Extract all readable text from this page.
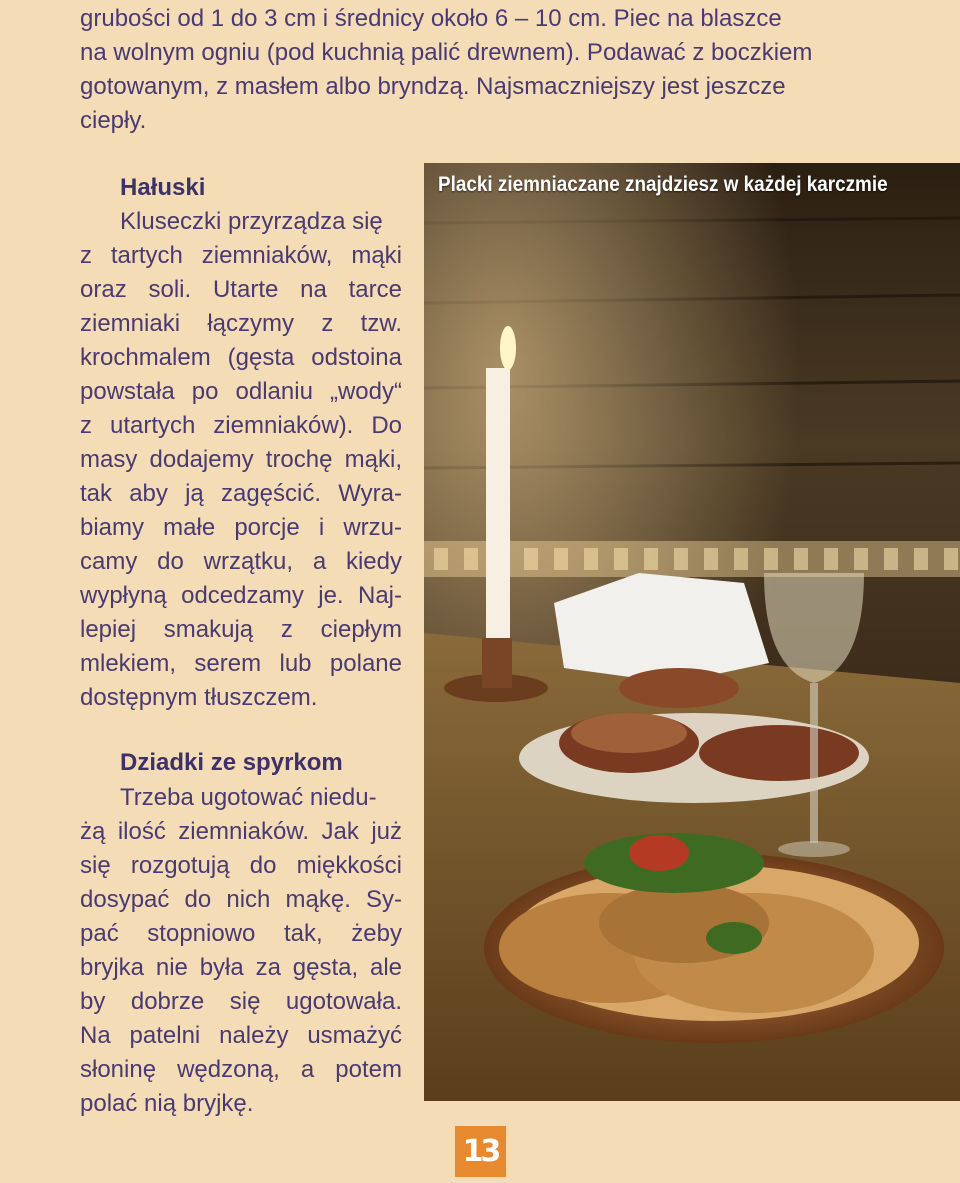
grubości od 1 do 3 cm i średnicy około 6 – 10 cm. Piec na blaszce
na wolnym ogniu (pod kuchnią palić drewnem). Podawać z boczkiem
gotowanym, z masłem albo bryndzą. Najsmaczniejszy jest jeszcze
ciepły.
Hałuski
Kluseczki przyrządza się
z tartych ziemniaków, mąki
oraz soli. Utarte na tarce
ziemniaki łączymy z tzw.
krochmalem (gęsta odstoina
powstała po odlaniu „wody“
z utartych ziemniaków). Do
masy dodajemy trochę mąki,
tak aby ją zagęścić. Wyra-
biamy małe porcje i wrzu-
camy do wrzątku, a kiedy
wypłyną odcedzamy je. Naj-
lepiej smakują z ciepłym
mlekiem, serem lub polane
dostępnym tłuszczem.
Dziadki ze spyrkom
Trzeba ugotować niedu-
żą ilość ziemniaków. Jak już
się rozgotują do miękkości
dosypać do nich mąkę. Sy-
pać stopniowo tak, żeby
bryjka nie była za gęsta, ale
by dobrze się ugotowała.
Na patelni należy usmażyć
słoninę wędzoną, a potem
polać nią bryjkę.
Placki ziemniaczane znajdziesz w każdej karczmie
13
